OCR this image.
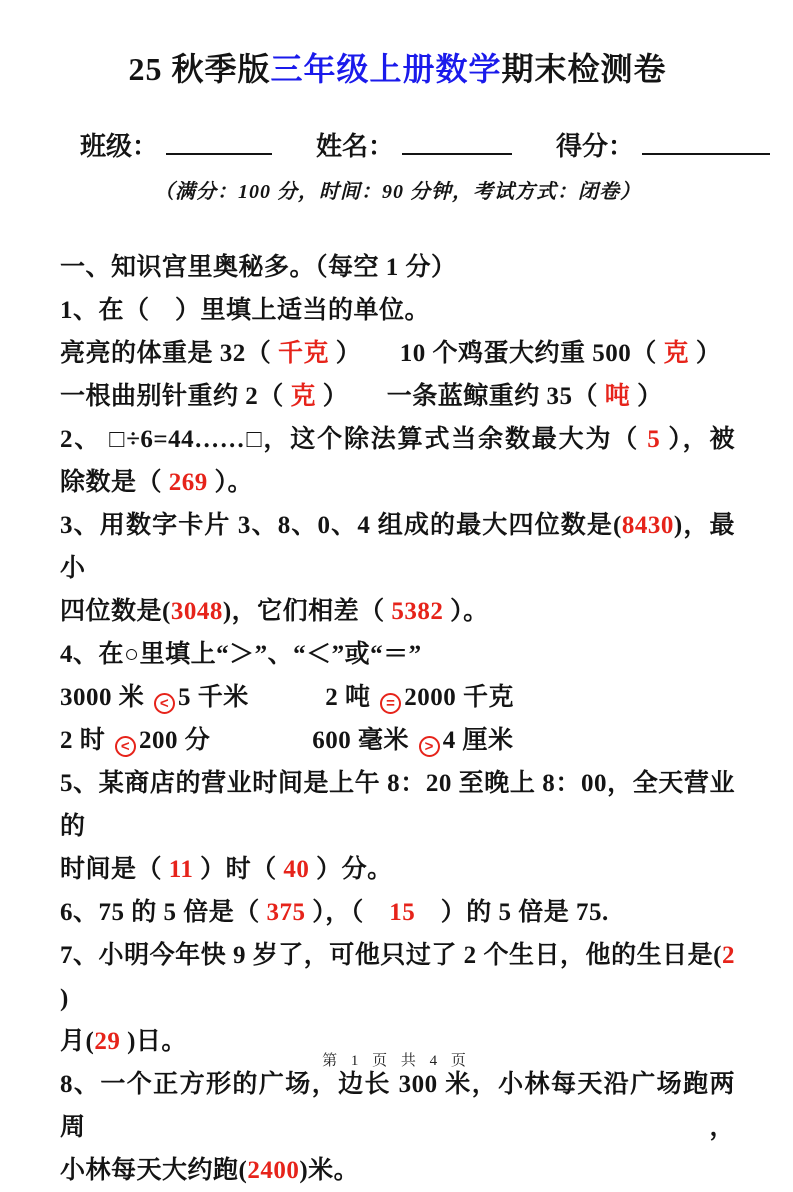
25 秋季版三年级上册数学期末检测卷
班级：	姓名：	得分：
（满分：100 分，时间：90 分钟，考试方式：闭卷）
一、知识宫里奥秘多。（每空 1 分）
1、在（　）里填上适当的单位。
亮亮的体重是 32（ 千克 ）　　10 个鸡蛋大约重 500（ 克 ）
一根曲别针重约 2（ 克 ）　　一条蓝鲸重约 35（ 吨 ）
2、 □÷6=44……□，这个除法算式当余数最大为（ 5 ），被
除数是（ 269 ）。
3、用数字卡片 3、8、0、4 组成的最大四位数是(8430)，最小
四位数是(3048)，它们相差（ 5382 ）。
4、在○里填上“＞”、“＜”或“＝”
3000 米 < 5 千米　　　2 吨 = 2000 千克
2 时 < 200 分　　　　600 毫米 > 4 厘米
5、某商店的营业时间是上午 8：20 至晚上 8：00，全天营业的
时间是（ 11 ）时（ 40 ）分。
6、75 的 5 倍是（ 375 ），（　15　）的 5 倍是 75.
7、小明今年快 9 岁了，可他只过了 2 个生日，他的生日是(2 )
月(29 )日。
8、一个正方形的广场，边长 300 米，小林每天沿广场跑两周，
小林每天大约跑(2400)米。
第 1 页 共 4 页
